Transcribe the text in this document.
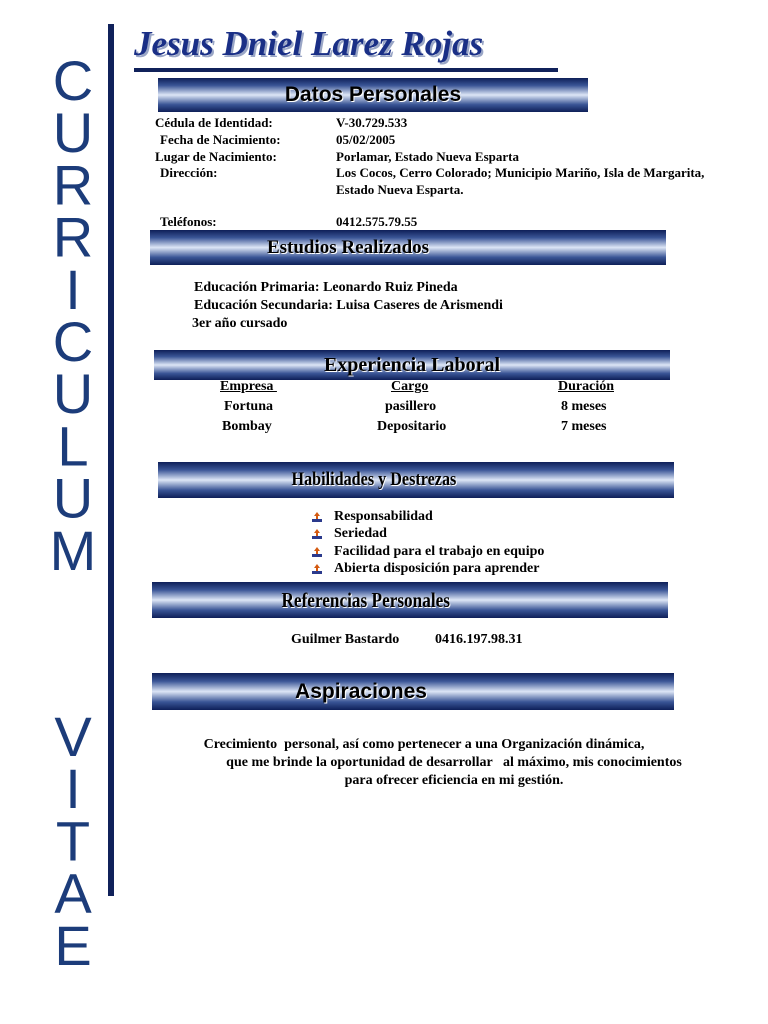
C
U
R
R
I
C
U
L
U
M
V
I
T
A
E
Jesus Dniel Larez Rojas
Datos Personales
Cédula de Identidad:	V-30.729.533
Fecha de Nacimiento:	05/02/2005
Lugar de Nacimiento:	Porlamar, Estado Nueva Esparta
Dirección:	Los Cocos, Cerro Colorado; Municipio Mariño, Isla de Margarita,
Estado Nueva Esparta.
Teléfonos:	0412.575.79.55
Estudios Realizados
Educación Primaria: Leonardo Ruiz Pineda
Educación Secundaria: Luisa Caseres de Arismendi
3er año cursado
Experiencia Laboral
Empresa	Cargo	Duración
Fortuna	pasillero	8 meses
Bombay	Depositario	7 meses
Habilidades y Destrezas
Responsabilidad
Seriedad
Facilidad para el trabajo en equipo
Abierta disposición para aprender
Referencias Personales
Guilmer Bastardo	0416.197.98.31
Aspiraciones
Crecimiento  personal, así como pertenecer a una Organización dinámica,
que me brinde la oportunidad de desarrollar   al máximo, mis conocimientos
para ofrecer eficiencia en mi gestión.
